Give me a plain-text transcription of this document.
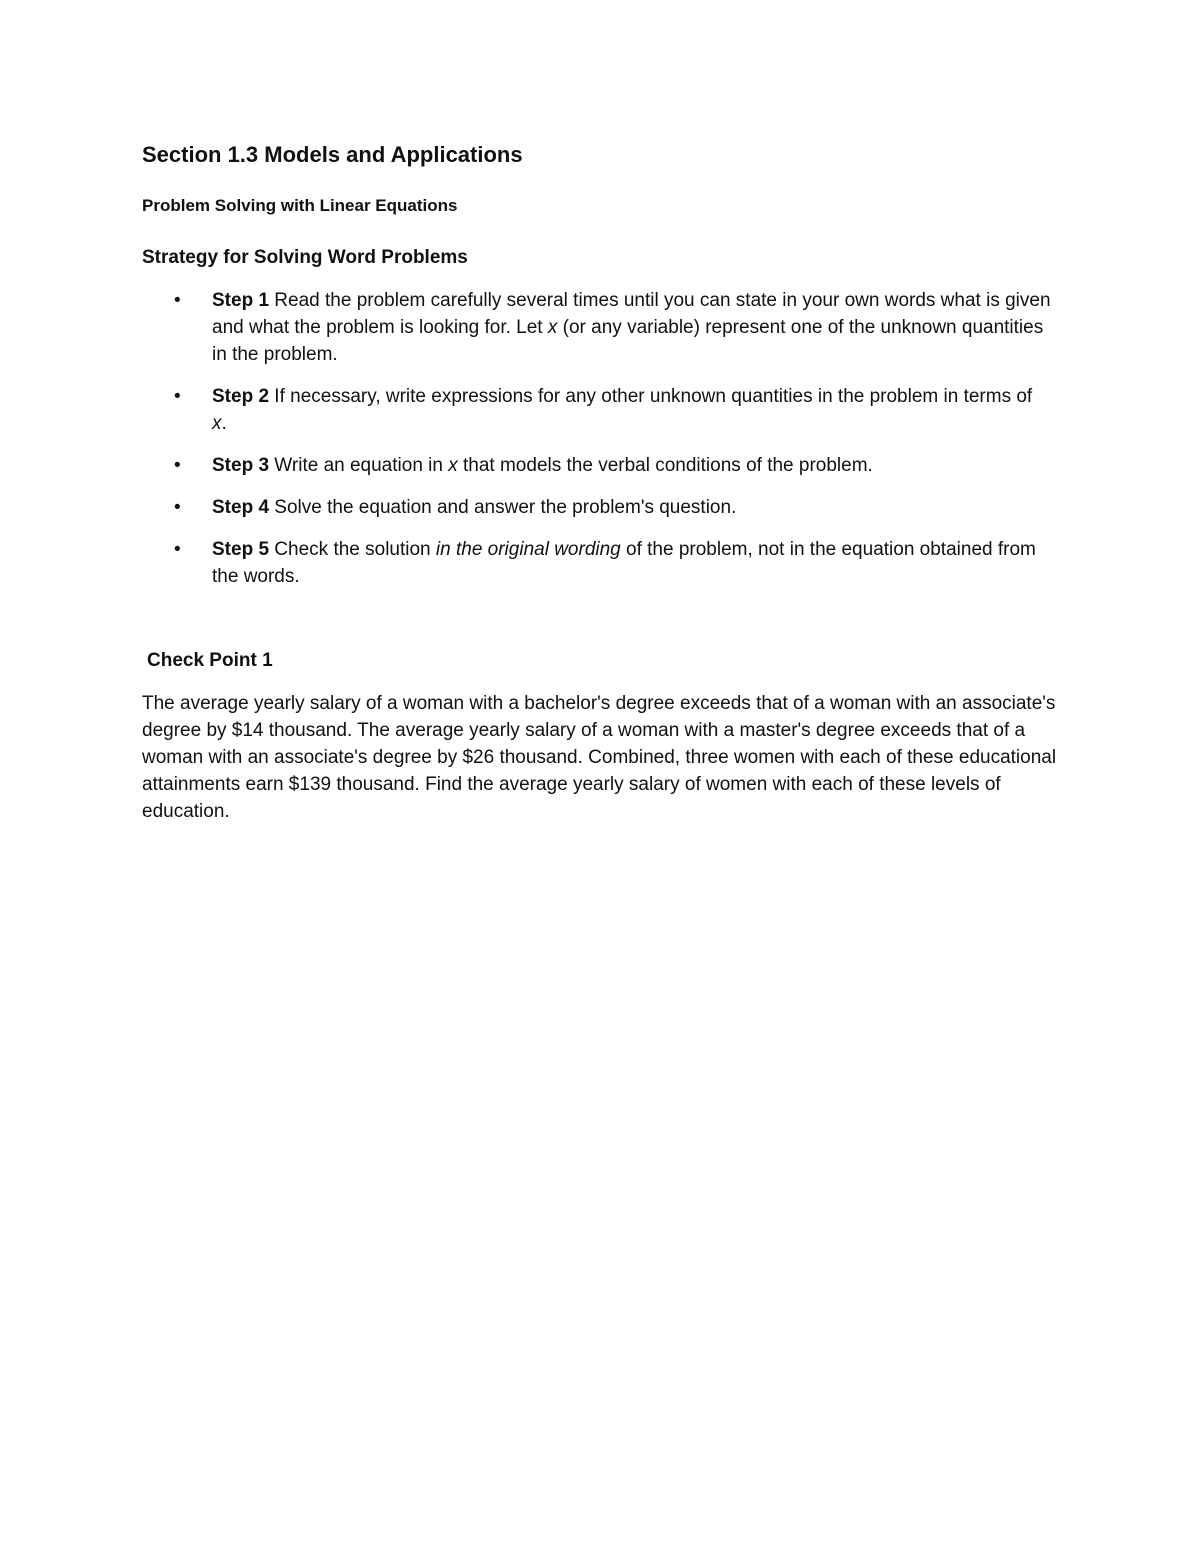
Section 1.3 Models and Applications
Problem Solving with Linear Equations
Strategy for Solving Word Problems
• Step 1 Read the problem carefully several times until you can state in your own words what is given and what the problem is looking for. Let x (or any variable) represent one of the unknown quantities in the problem.
• Step 2 If necessary, write expressions for any other unknown quantities in the problem in terms of x.
• Step 3 Write an equation in x that models the verbal conditions of the problem.
• Step 4 Solve the equation and answer the problem's question.
• Step 5 Check the solution in the original wording of the problem, not in the equation obtained from the words.
Check Point 1

The average yearly salary of a woman with a bachelor's degree exceeds that of a woman with an associate's degree by $14 thousand. The average yearly salary of a woman with a master's degree exceeds that of a woman with an associate's degree by $26 thousand. Combined, three women with each of these educational attainments earn $139 thousand. Find the average yearly salary of women with each of these levels of education.
